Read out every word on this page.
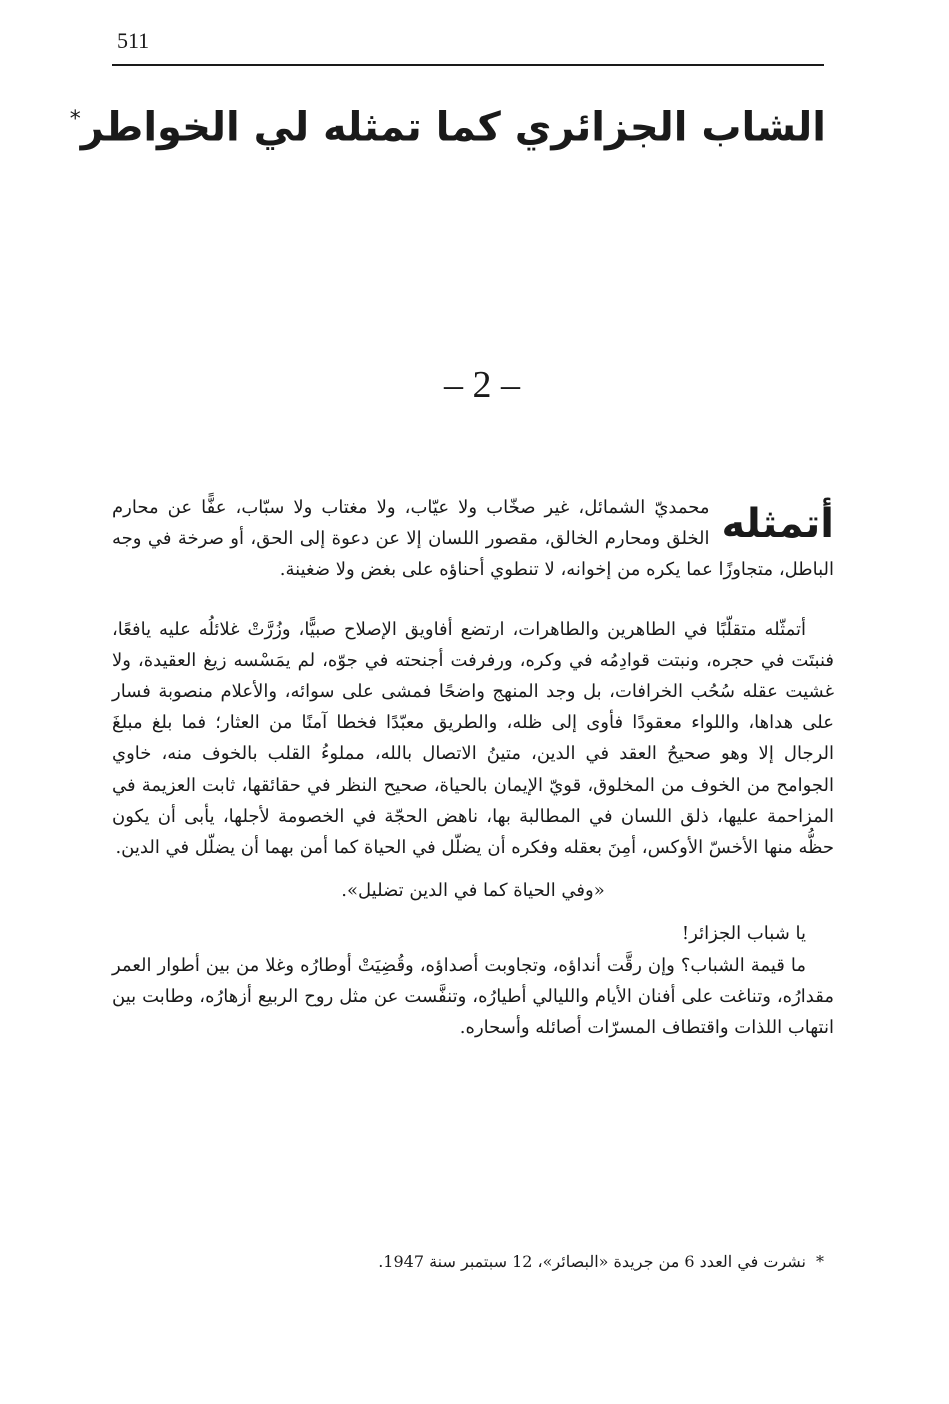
511
الشاب الجزائري كما تمثله لي الخواطر*
– 2 –

أتمثله
محمديّ الشمائل، غير صخّاب ولا عيّاب، ولا مغتاب ولا سبّاب، عفًّا عن محارم الخلق ومحارم الخالق، مقصور اللسان إلا عن دعوة إلى الحق، أو صرخة في وجه الباطل، متجاوزًا عما يكره من إخوانه، لا تنطوي أحناؤه على بغض ولا ضغينة.

أتمثّله متقلّبًا في الطاهرين والطاهرات، ارتضع أفاويق الإصلاح صبيًّا، وزُرَّتْ غلائلُه عليه يافعًا، فنبتَت في حجره، ونبتت قوادِمُه في وكره، ورفرفت أجنحته في جوّه، لم يمَسْسه زيغ العقيدة، ولا غشيت عقله سُحُب الخرافات، بل وجد المنهج واضحًا فمشى على سوائه، والأعلام منصوبة فسار على هداها، واللواء معقودًا فأوى إلى ظله، والطريق معبّدًا فخطا آمنًا من العثار؛ فما بلغ مبلغَ الرجال إلا وهو صحيحُ العقد في الدين، متينُ الاتصال بالله، مملوءُ القلب بالخوف منه، خاوي الجوامح من الخوف من المخلوق، قويّ الإيمان بالحياة، صحيح النظر في حقائقها، ثابت العزيمة في المزاحمة عليها، ذلق اللسان في المطالبة بها، ناهض الحجّة في الخصومة لأجلها، يأبى أن يكون حظُّه منها الأخسّ الأوكس، أمِنَ بعقله وفكره أن يضلّل في الحياة كما أمن بهما أن يضلّل في الدين.

«وفي الحياة كما في الدين تضليل».

يا شباب الجزائر!

ما قيمة الشباب؟ وإن رقَّت أنداؤه، وتجاوبت أصداؤه، وقُضِيَتْ أوطارُه وغلا من بين أطوار العمر مقدارُه، وتناغت على أفنان الأيام والليالي أطيارُه، وتنفَّست عن مثل روح الربيع أزهارُه، وطابت بين انتهاب اللذات واقتطاف المسرّات أصائله وأسحاره.

*نشرت في العدد 6 من جريدة «البصائر»، 12 سبتمبر سنة 1947.
